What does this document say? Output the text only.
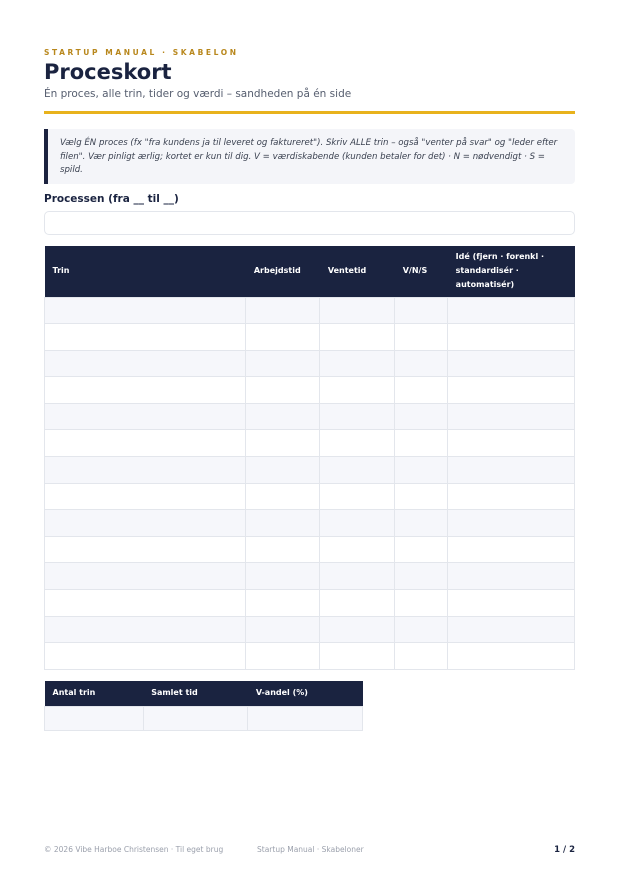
STARTUP MANUAL · SKABELON
Proceskort
Én proces, alle trin, tider og værdi – sandheden på én side
Vælg ÉN proces (fx "fra kundens ja til leveret og faktureret"). Skriv ALLE trin – også "venter på svar" og "leder efter filen". Vær pinligt ærlig; kortet er kun til dig. V = værdiskabende (kunden betaler for det) · N = nødvendigt · S = spild.
Processen (fra __ til __)
Trin	Arbejdstid	Ventetid	V/N/S	Idé (fjern · forenkl · standardisér · automatisér)

Antal trin	Samlet tid	V-andel (%)

© 2026 Vibe Harboe Christensen · Til eget brug	Startup Manual · Skabeloner	1 / 2
